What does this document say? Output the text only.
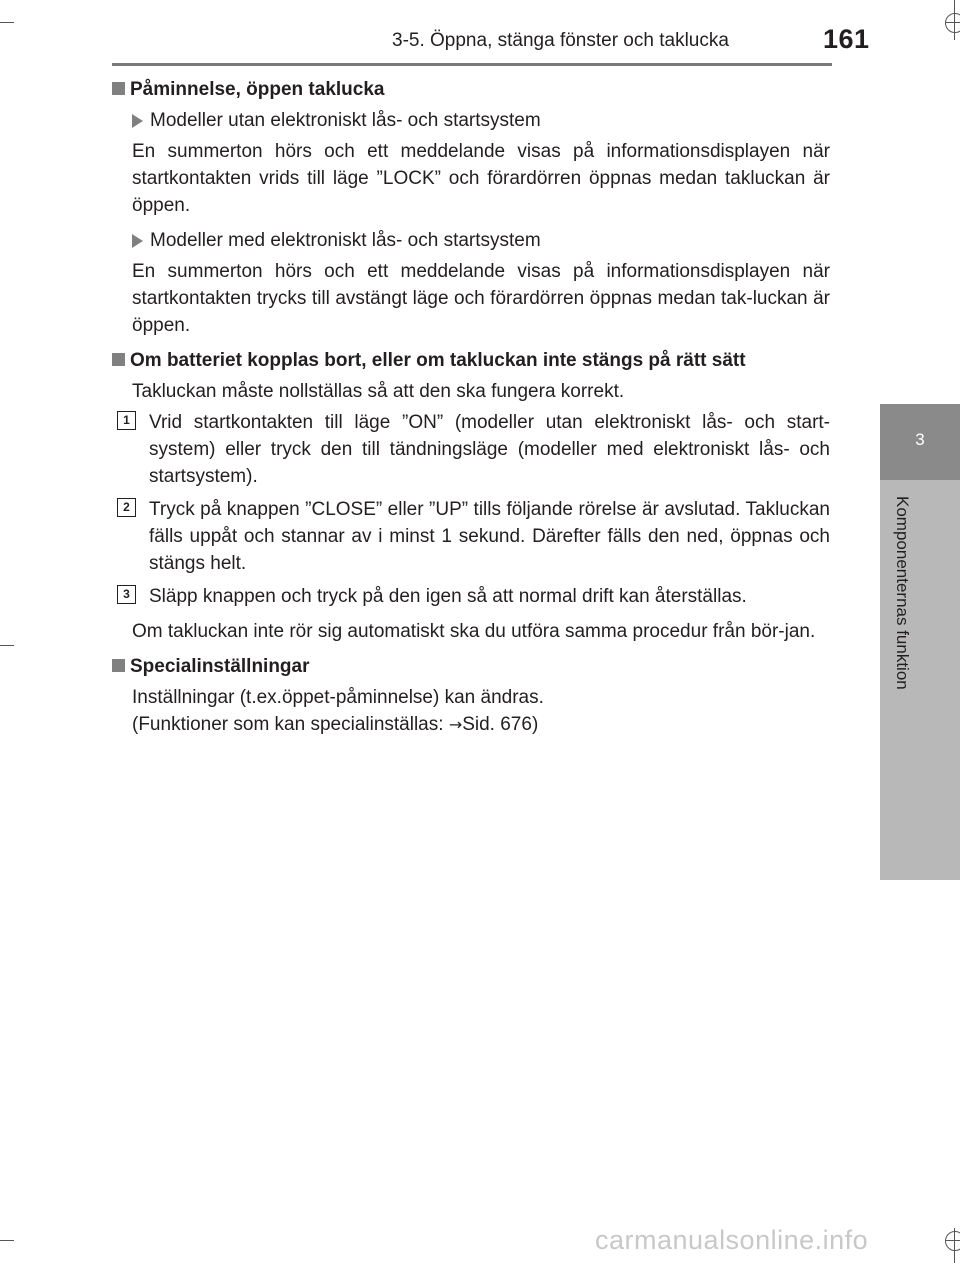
3-5. Öppna, stänga fönster och taklucka	161
3
Komponenternas funktion
Påminnelse, öppen taklucka
Modeller utan elektroniskt lås- och startsystem
En summerton hörs och ett meddelande visas på informationsdisplayen när startkontakten vrids till läge ”LOCK” och förardörren öppnas medan takluckan är öppen.
Modeller med elektroniskt lås- och startsystem
En summerton hörs och ett meddelande visas på informationsdisplayen när startkontakten trycks till avstängt läge och förardörren öppnas medan tak-luckan är öppen.
Om batteriet kopplas bort, eller om takluckan inte stängs på rätt sätt
Takluckan måste nollställas så att den ska fungera korrekt.
1	Vrid startkontakten till läge ”ON” (modeller utan elektroniskt lås- och start-system) eller tryck den till tändningsläge (modeller med elektroniskt lås- och startsystem).
2	Tryck på knappen ”CLOSE” eller ”UP” tills följande rörelse är avslutad. Takluckan fälls uppåt och stannar av i minst 1 sekund. Därefter fälls den ned, öppnas och stängs helt.
3	Släpp knappen och tryck på den igen så att normal drift kan återställas.
Om takluckan inte rör sig automatiskt ska du utföra samma procedur från bör-jan.
Specialinställningar
Inställningar (t.ex.öppet-påminnelse) kan ändras.
(Funktioner som kan specialinställas: →Sid. 676)
carmanualsonline.info
